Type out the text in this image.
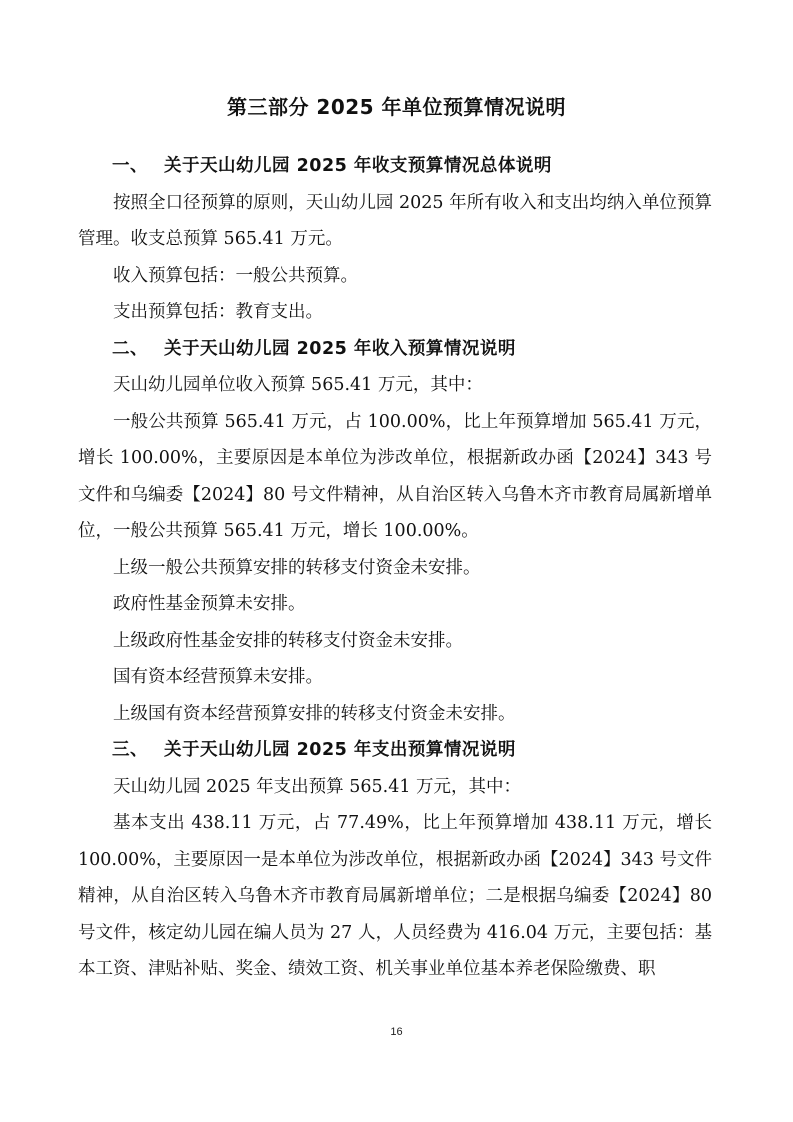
第三部分 2025 年单位预算情况说明

一、 关于天山幼儿园 2025 年收支预算情况总体说明

按照全口径预算的原则，天山幼儿园 2025 年所有收入和支出均纳入单位预算管理。收支总预算 565.41 万元。

收入预算包括：一般公共预算。

支出预算包括：教育支出。

二、 关于天山幼儿园 2025 年收入预算情况说明

天山幼儿园单位收入预算 565.41 万元，其中：

一般公共预算 565.41 万元，占 100.00%，比上年预算增加 565.41 万元，增长 100.00%，主要原因是本单位为涉改单位，根据新政办函【2024】343 号文件和乌编委【2024】80 号文件精神，从自治区转入乌鲁木齐市教育局属新增单位，一般公共预算 565.41 万元，增长 100.00%。

上级一般公共预算安排的转移支付资金未安排。

政府性基金预算未安排。

上级政府性基金安排的转移支付资金未安排。

国有资本经营预算未安排。

上级国有资本经营预算安排的转移支付资金未安排。

三、 关于天山幼儿园 2025 年支出预算情况说明

天山幼儿园 2025 年支出预算 565.41 万元，其中：

基本支出 438.11 万元，占 77.49%，比上年预算增加 438.11 万元，增长 100.00%，主要原因一是本单位为涉改单位，根据新政办函【2024】343 号文件精神，从自治区转入乌鲁木齐市教育局属新增单位；二是根据乌编委【2024】80 号文件，核定幼儿园在编人员为 27 人，人员经费为 416.04 万元，主要包括：基本工资、津贴补贴、奖金、绩效工资、机关事业单位基本养老保险缴费、职

16
